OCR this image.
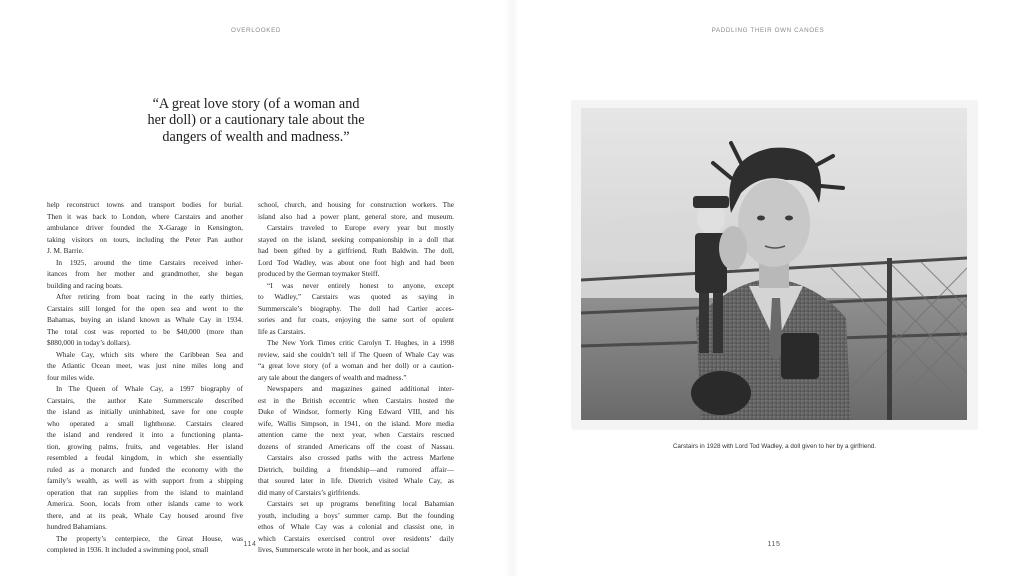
OVERLOOKED	PADDLING THEIR OWN CANOES
“A great love story (of a woman and
her doll) or a cautionary tale about the
dangers of wealth and madness.”
help reconstruct towns and transport bodies for burial.
Then it was back to London, where Carstairs and another
ambulance driver founded the X-Garage in Kensington,
taking visitors on tours, including the Peter Pan author
J. M. Barrie.
In 1925, around the time Carstairs received inher-
itances from her mother and grandmother, she began
building and racing boats.
After retiring from boat racing in the early thirties,
Carstairs still longed for the open sea and went to the
Bahamas, buying an island known as Whale Cay in 1934.
The total cost was reported to be $40,000 (more than
$880,000 in today’s dollars).
Whale Cay, which sits where the Caribbean Sea and
the Atlantic Ocean meet, was just nine miles long and
four miles wide.
In The Queen of Whale Cay, a 1997 biography of
Carstairs, the author Kate Summerscale described
the island as initially uninhabited, save for one couple
who operated a small lighthouse. Carstairs cleared
the island and rendered it into a functioning planta-
tion, growing palms, fruits, and vegetables. Her island
resembled a feudal kingdom, in which she essentially
ruled as a monarch and funded the economy with the
family’s wealth, as well as with support from a shipping
operation that ran supplies from the island to mainland
America. Soon, locals from other islands came to work
there, and at its peak, Whale Cay housed around five
hundred Bahamians.
The property’s centerpiece, the Great House, was
completed in 1936. It included a swimming pool, small
school, church, and housing for construction workers. The
island also had a power plant, general store, and museum.
Carstairs traveled to Europe every year but mostly
stayed on the island, seeking companionship in a doll that
had been gifted by a girlfriend, Ruth Baldwin. The doll,
Lord Tod Wadley, was about one foot high and had been
produced by the German toymaker Steiff.
“I was never entirely honest to anyone, except
to Wadley,” Carstairs was quoted as saying in
Summerscale’s biography. The doll had Cartier acces-
sories and fur coats, enjoying the same sort of opulent
life as Carstairs.
The New York Times critic Carolyn T. Hughes, in a 1998
review, said she couldn’t tell if The Queen of Whale Cay was
“a great love story (of a woman and her doll) or a caution-
ary tale about the dangers of wealth and madness.”
Newspapers and magazines gained additional inter-
est in the British eccentric when Carstairs hosted the
Duke of Windsor, formerly King Edward VIII, and his
wife, Wallis Simpson, in 1941, on the island. More media
attention came the next year, when Carstairs rescued
dozens of stranded Americans off the coast of Nassau.
Carstairs also crossed paths with the actress Marlene
Dietrich, building a friendship—and rumored affair—
that soured later in life. Dietrich visited Whale Cay, as
did many of Carstairs’s girlfriends.
Carstairs set up programs benefiting local Bahamian
youth, including a boys’ summer camp. But the founding
ethos of Whale Cay was a colonial and classist one, in
which Carstairs exercised control over residents’ daily
lives, Summerscale wrote in her book, and as social
114	115
Carstairs in 1928 with Lord Tod Wadley, a doll given to her by a girlfriend.
